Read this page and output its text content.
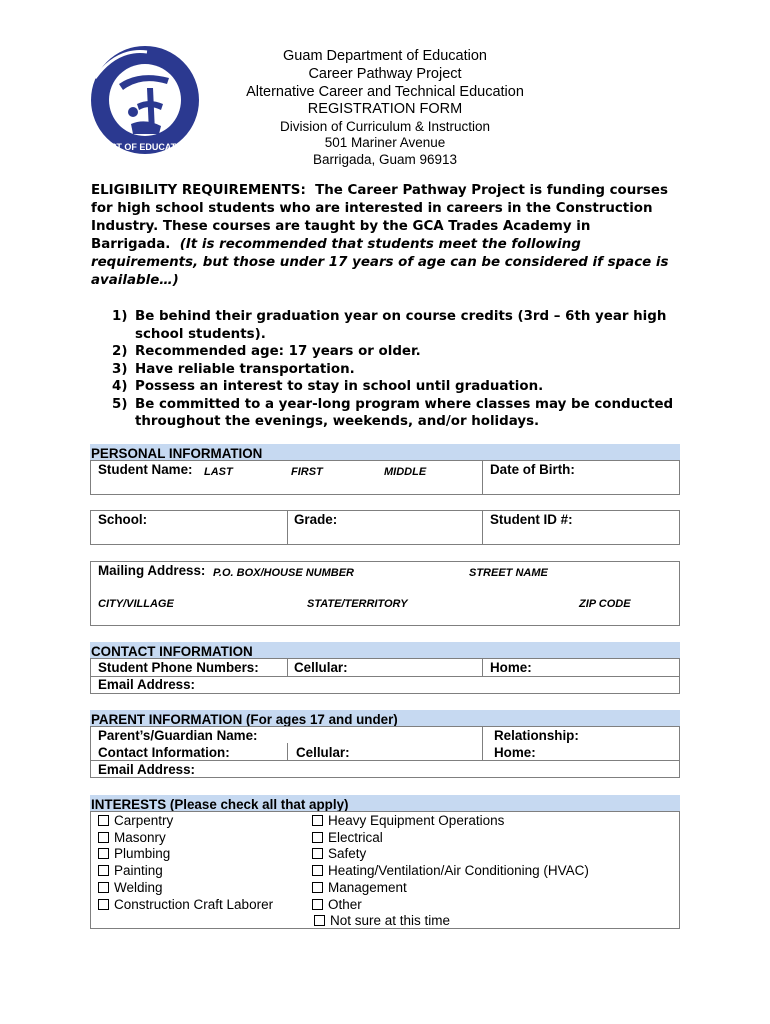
DEPT OF EDUCATION
Guam Department of Education
Career Pathway Project
Alternative Career and Technical Education
REGISTRATION FORM
Division of Curriculum & Instruction
501 Mariner Avenue
Barrigada, Guam 96913
ELIGIBILITY REQUIREMENTS: The Career Pathway Project is funding courses for high school students who are interested in careers in the Construction Industry. These courses are taught by the GCA Trades Academy in Barrigada. (It is recommended that students meet the following requirements, but those under 17 years of age can be considered if space is available…)
1) Be behind their graduation year on course credits (3rd – 6th year high school students).
2) Recommended age: 17 years or older.
3) Have reliable transportation.
4) Possess an interest to stay in school until graduation.
5) Be committed to a year-long program where classes may be conducted throughout the evenings, weekends, and/or holidays.
PERSONAL INFORMATION
Student Name: LAST	FIRST	MIDDLE	Date of Birth:
School:	Grade:	Student ID #:
Mailing Address: P.O. BOX/HOUSE NUMBER	STREET NAME
CITY/VILLAGE	STATE/TERRITORY	ZIP CODE
CONTACT INFORMATION
Student Phone Numbers:	Cellular:	Home:
Email Address:
PARENT INFORMATION (For ages 17 and under)
Parent’s/Guardian Name:	Relationship:
Contact Information:	Cellular:	Home:
Email Address:
INTERESTS (Please check all that apply)
Carpentry
Masonry
Plumbing
Painting
Welding
Construction Craft Laborer
Heavy Equipment Operations
Electrical
Safety
Heating/Ventilation/Air Conditioning (HVAC)
Management
Other
Not sure at this time
